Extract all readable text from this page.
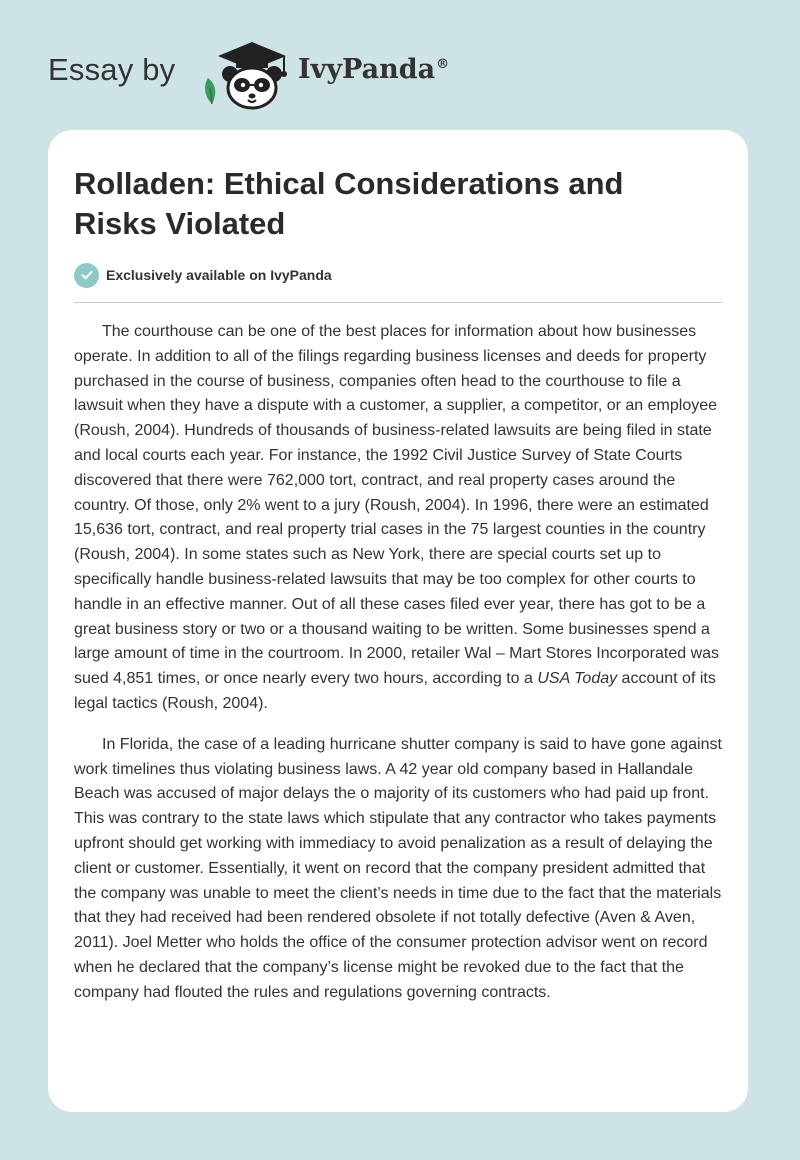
Essay by	IvyPanda®
Rolladen: Ethical Considerations and Risks Violated
Exclusively available on IvyPanda

The courthouse can be one of the best places for information about how businesses operate. In addition to all of the filings regarding business licenses and deeds for property purchased in the course of business, companies often head to the courthouse to file a lawsuit when they have a dispute with a customer, a supplier, a competitor, or an employee (Roush, 2004). Hundreds of thousands of business-related lawsuits are being filed in state and local courts each year. For instance, the 1992 Civil Justice Survey of State Courts discovered that there were 762,000 tort, contract, and real property cases around the country. Of those, only 2% went to a jury (Roush, 2004). In 1996, there were an estimated 15,636 tort, contract, and real property trial cases in the 75 largest counties in the country (Roush, 2004). In some states such as New York, there are special courts set up to specifically handle business-related lawsuits that may be too complex for other courts to handle in an effective manner. Out of all these cases filed ever year, there has got to be a great business story or two or a thousand waiting to be written. Some businesses spend a large amount of time in the courtroom. In 2000, retailer Wal – Mart Stores Incorporated was sued 4,851 times, or once nearly every two hours, according to a USA Today account of its legal tactics (Roush, 2004).

In Florida, the case of a leading hurricane shutter company is said to have gone against work timelines thus violating business laws. A 42 year old company based in Hallandale Beach was accused of major delays the o majority of its customers who had paid up front. This was contrary to the state laws which stipulate that any contractor who takes payments upfront should get working with immediacy to avoid penalization as a result of delaying the client or customer. Essentially, it went on record that the company president admitted that the company was unable to meet the client’s needs in time due to the fact that the materials that they had received had been rendered obsolete if not totally defective (Aven & Aven, 2011). Joel Metter who holds the office of the consumer protection advisor went on record when he declared that the company’s license might be revoked due to the fact that the company had flouted the rules and regulations governing contracts.
